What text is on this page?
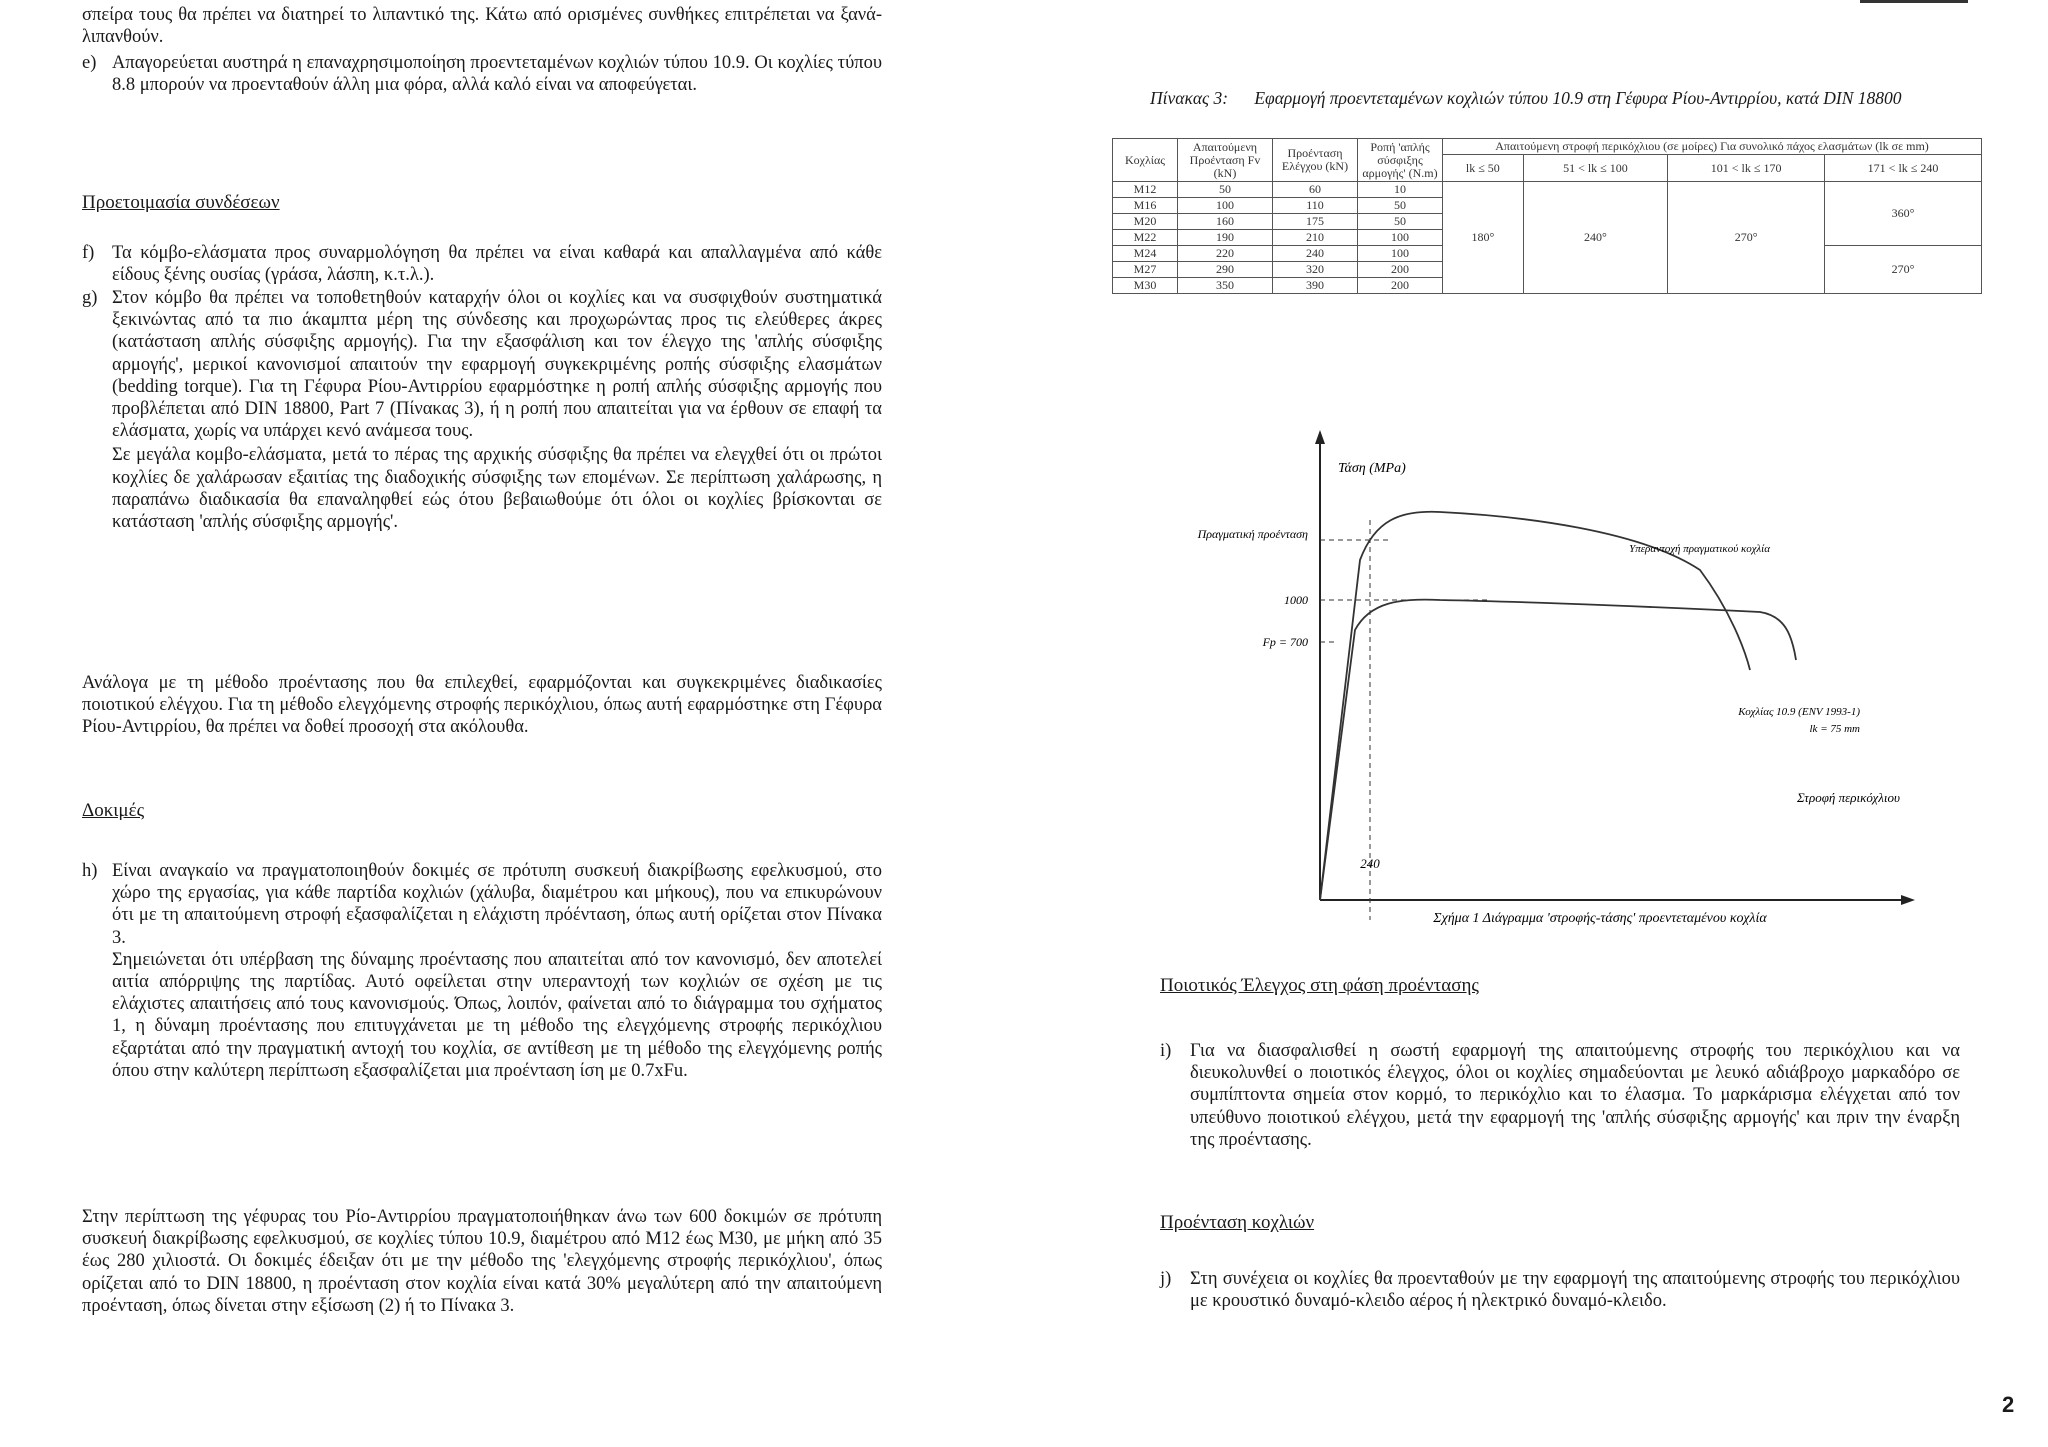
σπείρα τους θα πρέπει να διατηρεί το λιπαντικό της. Κάτω από ορισμένες συνθήκες επιτρέπεται να ξανά-λιπανθούν.

e) Απαγορεύεται αυστηρά η επαναχρησιμοποίηση προεντεταμένων κοχλιών τύπου 10.9. Οι κοχλίες τύπου 8.8 μπορούν να προενταθούν άλλη μια φόρα, αλλά καλό είναι να αποφεύγεται.

Προετοιμασία συνδέσεων

f) Τα κόμβο-ελάσματα προς συναρμολόγηση θα πρέπει να είναι καθαρά και απαλλαγμένα από κάθε είδους ξένης ουσίας (γράσα, λάσπη, κ.τ.λ.).

g) Στον κόμβο θα πρέπει να τοποθετηθούν καταρχήν όλοι οι κοχλίες και να συσφιχθούν συστηματικά ξεκινώντας από τα πιο άκαμπτα μέρη της σύνδεσης και προχωρώντας προς τις ελεύθερες άκρες (κατάσταση απλής σύσφιξης αρμογής). Για την εξασφάλιση και τον έλεγχο της 'απλής σύσφιξης αρμογής', μερικοί κανονισμοί απαιτούν την εφαρμογή συγκεκριμένης ροπής σύσφιξης ελασμάτων (bedding torque). Για τη Γέφυρα Ρίου-Αντιρρίου εφαρμόστηκε η ροπή απλής σύσφιξης αρμογής που προβλέπεται από DIN 18800, Part 7 (Πίνακας 3), ή η ροπή που απαιτείται για να έρθουν σε επαφή τα ελάσματα, χωρίς να υπάρχει κενό ανάμεσα τους.

Σε μεγάλα κομβο-ελάσματα, μετά το πέρας της αρχικής σύσφιξης θα πρέπει να ελεγχθεί ότι οι πρώτοι κοχλίες δε χαλάρωσαν εξαιτίας της διαδοχικής σύσφιξης των επομένων. Σε περίπτωση χαλάρωσης, η παραπάνω διαδικασία θα επαναληφθεί εώς ότου βεβαιωθούμε ότι όλοι οι κοχλίες βρίσκονται σε κατάσταση 'απλής σύσφιξης αρμογής'.

Ανάλογα με τη μέθοδο προέντασης που θα επιλεχθεί, εφαρμόζονται και συγκεκριμένες διαδικασίες ποιοτικού ελέγχου. Για τη μέθοδο ελεγχόμενης στροφής περικόχλιου, όπως αυτή εφαρμόστηκε στη Γέφυρα Ρίου-Αντιρρίου, θα πρέπει να δοθεί προσοχή στα ακόλουθα.

Δοκιμές

h) Είναι αναγκαίο να πραγματοποιηθούν δοκιμές σε πρότυπη συσκευή διακρίβωσης εφελκυσμού, στο χώρο της εργασίας, για κάθε παρτίδα κοχλιών (χάλυβα, διαμέτρου και μήκους), που να επικυρώνουν ότι με τη απαιτούμενη στροφή εξασφαλίζεται η ελάχιστη πρόένταση, όπως αυτή ορίζεται στον Πίνακα 3.

Σημειώνεται ότι υπέρβαση της δύναμης προέντασης που απαιτείται από τον κανονισμό, δεν αποτελεί αιτία απόρριψης της παρτίδας. Αυτό οφείλεται στην υπεραντοχή των κοχλιών σε σχέση με τις ελάχιστες απαιτήσεις από τους κανονισμούς. Όπως, λοιπόν, φαίνεται από το διάγραμμα του σχήματος 1, η δύναμη προέντασης που επιτυγχάνεται με τη μέθοδο της ελεγχόμενης στροφής περικόχλιου εξαρτάται από την πραγματική αντοχή του κοχλία, σε αντίθεση με τη μέθοδο της ελεγχόμενης ροπής όπου στην καλύτερη περίπτωση εξασφαλίζεται μια προένταση ίση με 0.7xFu.

Στην περίπτωση της γέφυρας του Ρίο-Αντιρρίου πραγματοποιήθηκαν άνω των 600 δοκιμών σε πρότυπη συσκευή διακρίβωσης εφελκυσμού, σε κοχλίες τύπου 10.9, διαμέτρου από M12 έως M30, με μήκη από 35 έως 280 χιλιοστά. Οι δοκιμές έδειξαν ότι με την μέθοδο της 'ελεγχόμενης στροφής περικόχλιου', όπως ορίζεται από το DIN 18800, η προένταση στον κοχλία είναι κατά 30% μεγαλύτερη από την απαιτούμενη προένταση, όπως δίνεται στην εξίσωση (2) ή το Πίνακα 3.

Πίνακας 3: Εφαρμογή προεντεταμένων κοχλιών τύπου 10.9 στη Γέφυρα Ρίου-Αντιρρίου, κατά DIN 18800
Κοχλίας	Απαιτούμενη Προένταση Fv (kN)	Προένταση Ελέγχου (kN)	Ροπή 'απλής σύσφιξης αρμογής' (N.m)	Απαιτούμενη στροφή περικόχλιου (σε μοίρες) Για συνολικό πάχος ελασμάτων (lk σε mm)			
				lk ≤ 50	51 < lk ≤ 100	101 < lk ≤ 170	171 < lk ≤ 240
M12	50	60	10	180°	240°	270°	360°
M16	100	110	50				
M20	160	175	50				
M22	190	210	100				
M24	220	240	100				270°
M27	290	320	200				
M30	350	390	200				
Τάση (MPa)
Στροφή περικόχλιου
Πραγματική προένταση
1000
Fp = 700
Υπεραντοχή πραγματικού κοχλία
Κοχλίας 10.9 (ENV 1993-1)
lk = 75 mm
240
Σχήμα 1 Διάγραμμα 'στροφής-τάσης' προεντεταμένου κοχλία

Ποιοτικός Έλεγχος στη φάση προέντασης

i)	Για να διασφαλισθεί η σωστή εφαρμογή της απαιτούμενης στροφής του περικόχλιου και να διευκολυνθεί ο ποιοτικός έλεγχος, όλοι οι κοχλίες σημαδεύονται με λευκό αδιάβροχο μαρκαδόρο σε συμπίπτοντα σημεία στον κορμό, το περικόχλιο και το έλασμα. Το μαρκάρισμα ελέγχεται από τον υπεύθυνο ποιοτικού ελέγχου, μετά την εφαρμογή της 'απλής σύσφιξης αρμογής' και πριν την έναρξη της προέντασης.

Προένταση κοχλιών

j)	Στη συνέχεια οι κοχλίες θα προενταθούν με την εφαρμογή της απαιτούμενης στροφής του περικόχλιου με κρουστικό δυναμό-κλειδο αέρος ή ηλεκτρικό δυναμό-κλειδο.

2
